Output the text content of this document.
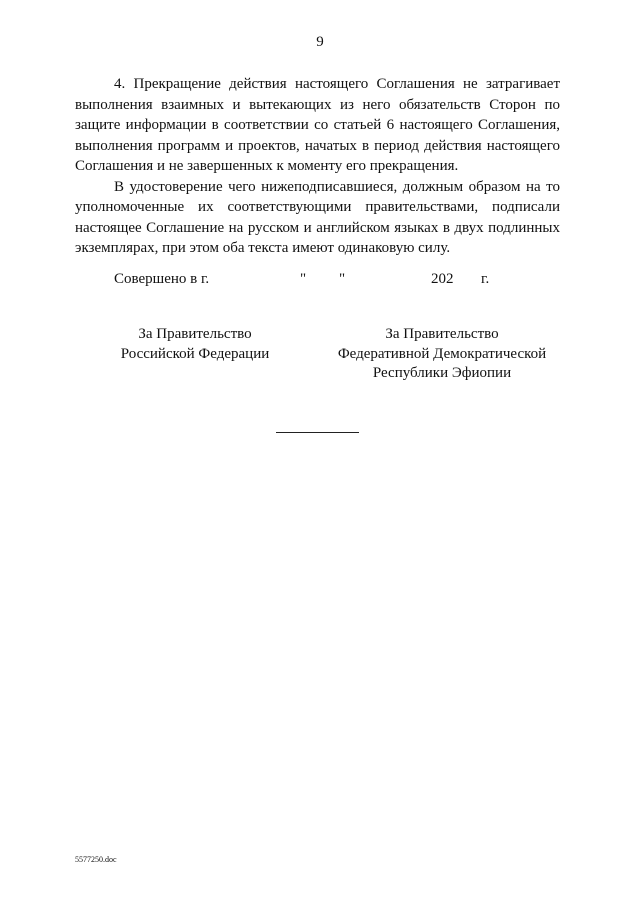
9

4. Прекращение действия настоящего Соглашения не затрагивает выполнения взаимных и вытекающих из него обязательств Сторон по защите информации в соответствии со статьей 6 настоящего Соглашения, выполнения программ и проектов, начатых в период действия настоящего Соглашения и не завершенных к моменту его прекращения.

В удостоверение чего нижеподписавшиеся, должным образом на то уполномоченные их соответствующими правительствами, подписали настоящее Соглашение на русском и английском языках в двух подлинных экземплярах, при этом оба текста имеют одинаковую силу.

Совершено в г.	" "	202 г.
За Правительство
Российской Федерации
За Правительство
Федеративной Демократической
Республики Эфиопии
5577250.doc
